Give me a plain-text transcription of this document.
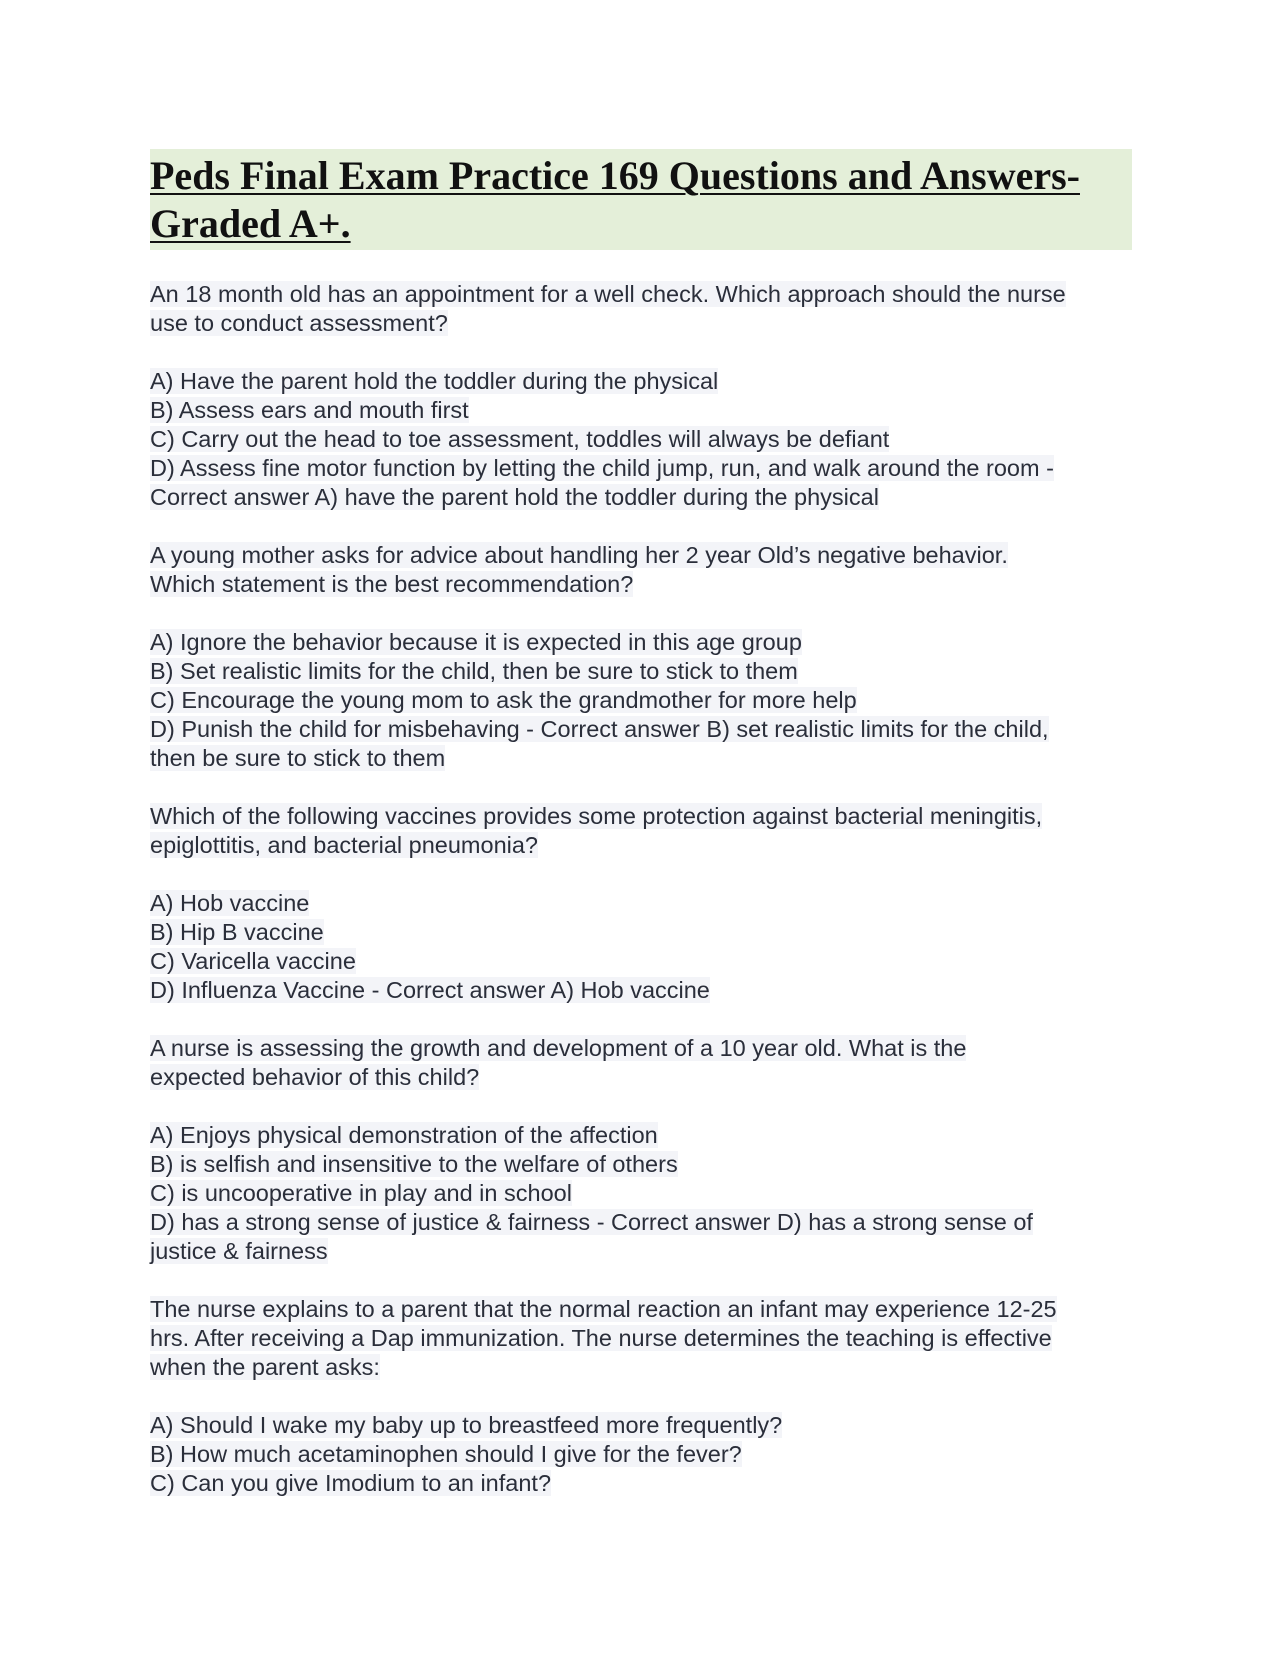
Peds Final Exam Practice 169 Questions and Answers-
Graded A+.
An 18 month old has an appointment for a well check. Which approach should the nurse
use to conduct assessment?
A) Have the parent hold the toddler during the physical
B) Assess ears and mouth first
C) Carry out the head to toe assessment, toddles will always be defiant
D) Assess fine motor function by letting the child jump, run, and walk around the room -
Correct answer A) have the parent hold the toddler during the physical
A young mother asks for advice about handling her 2 year Old’s negative behavior.
Which statement is the best recommendation?
A) Ignore the behavior because it is expected in this age group
B) Set realistic limits for the child, then be sure to stick to them
C) Encourage the young mom to ask the grandmother for more help
D) Punish the child for misbehaving - Correct answer B) set realistic limits for the child,
then be sure to stick to them
Which of the following vaccines provides some protection against bacterial meningitis,
epiglottitis, and bacterial pneumonia?
A) Hob vaccine
B) Hip B vaccine
C) Varicella vaccine
D) Influenza Vaccine - Correct answer A) Hob vaccine
A nurse is assessing the growth and development of a 10 year old. What is the
expected behavior of this child?
A) Enjoys physical demonstration of the affection
B) is selfish and insensitive to the welfare of others
C) is uncooperative in play and in school
D) has a strong sense of justice & fairness - Correct answer D) has a strong sense of
justice & fairness
The nurse explains to a parent that the normal reaction an infant may experience 12-25
hrs. After receiving a Dap immunization. The nurse determines the teaching is effective
when the parent asks:
A) Should I wake my baby up to breastfeed more frequently?
B) How much acetaminophen should I give for the fever?
C) Can you give Imodium to an infant?
